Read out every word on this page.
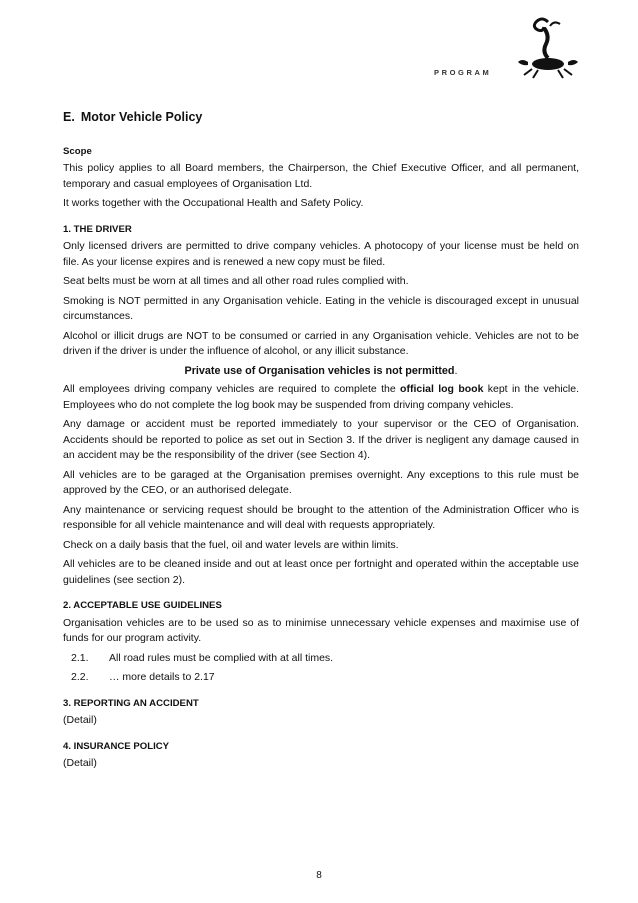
PROGRAM
E. Motor Vehicle Policy
Scope

This policy applies to all Board members, the Chairperson, the Chief Executive Officer, and all permanent, temporary and casual employees of Organisation Ltd.

It works together with the Occupational Health and Safety Policy.

1. THE DRIVER

Only licensed drivers are permitted to drive company vehicles. A photocopy of your license must be held on file. As your license expires and is renewed a new copy must be filed.

Seat belts must be worn at all times and all other road rules complied with.

Smoking is NOT permitted in any Organisation vehicle. Eating in the vehicle is discouraged except in unusual circumstances.

Alcohol or illicit drugs are NOT to be consumed or carried in any Organisation vehicle. Vehicles are not to be driven if the driver is under the influence of alcohol, or any illicit substance.

Private use of Organisation vehicles is not permitted.

All employees driving company vehicles are required to complete the official log book kept in the vehicle. Employees who do not complete the log book may be suspended from driving company vehicles.

Any damage or accident must be reported immediately to your supervisor or the CEO of Organisation. Accidents should be reported to police as set out in Section 3. If the driver is negligent any damage caused in an accident may be the responsibility of the driver (see Section 4).

All vehicles are to be garaged at the Organisation premises overnight. Any exceptions to this rule must be approved by the CEO, or an authorised delegate.

Any maintenance or servicing request should be brought to the attention of the Administration Officer who is responsible for all vehicle maintenance and will deal with requests appropriately.

Check on a daily basis that the fuel, oil and water levels are within limits.

All vehicles are to be cleaned inside and out at least once per fortnight and operated within the acceptable use guidelines (see section 2).

2. ACCEPTABLE USE GUIDELINES

Organisation vehicles are to be used so as to minimise unnecessary vehicle expenses and maximise use of funds for our program activity.

2.1.	All road rules must be complied with at all times.
2.2.	… more details to 2.17
3. REPORTING AN ACCIDENT

(Detail)

4. INSURANCE POLICY

(Detail)

8
